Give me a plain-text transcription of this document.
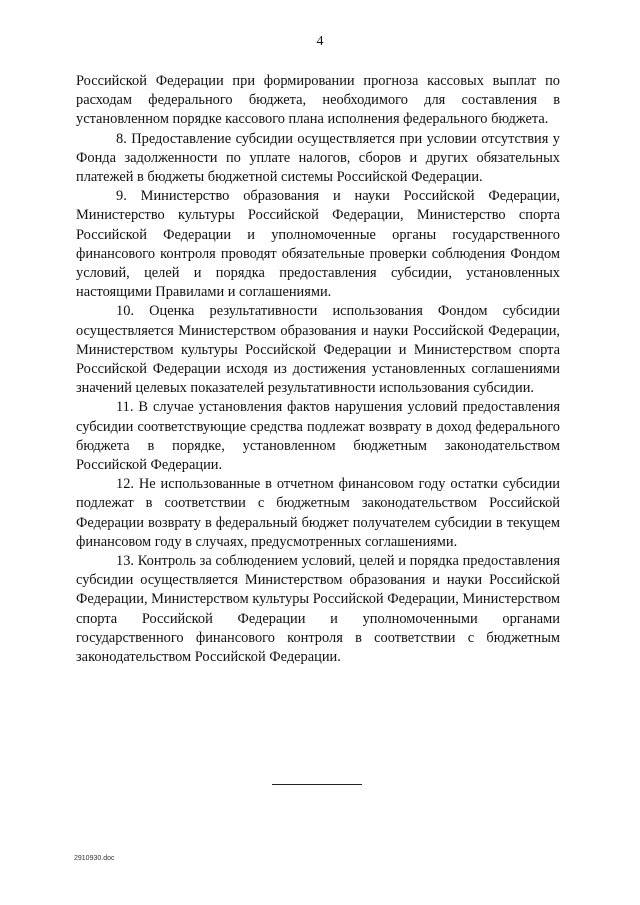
4

Российской Федерации при формировании прогноза кассовых выплат по расходам федерального бюджета, необходимого для составления в установленном порядке кассового плана исполнения федерального бюджета.

8. Предоставление субсидии осуществляется при условии отсутствия у Фонда задолженности по уплате налогов, сборов и других обязательных платежей в бюджеты бюджетной системы Российской Федерации.

9. Министерство образования и науки Российской Федерации, Министерство культуры Российской Федерации, Министерство спорта Российской Федерации и уполномоченные органы государственного финансового контроля проводят обязательные проверки соблюдения Фондом условий, целей и порядка предоставления субсидии, установленных настоящими Правилами и соглашениями.

10. Оценка результативности использования Фондом субсидии осуществляется Министерством образования и науки Российской Федерации, Министерством культуры Российской Федерации и Министерством спорта Российской Федерации исходя из достижения установленных соглашениями значений целевых показателей результативности использования субсидии.

11. В случае установления фактов нарушения условий предоставления субсидии соответствующие средства подлежат возврату в доход федерального бюджета в порядке, установленном бюджетным законодательством Российской Федерации.

12. Не использованные в отчетном финансовом году остатки субсидии подлежат в соответствии с бюджетным законодательством Российской Федерации возврату в федеральный бюджет получателем субсидии в текущем финансовом году в случаях, предусмотренных соглашениями.

13. Контроль за соблюдением условий, целей и порядка предоставления субсидии осуществляется Министерством образования и науки Российской Федерации, Министерством культуры Российской Федерации, Министерством спорта Российской Федерации и уполномоченными органами государственного финансового контроля в соответствии с бюджетным законодательством Российской Федерации.

2910930.doc
